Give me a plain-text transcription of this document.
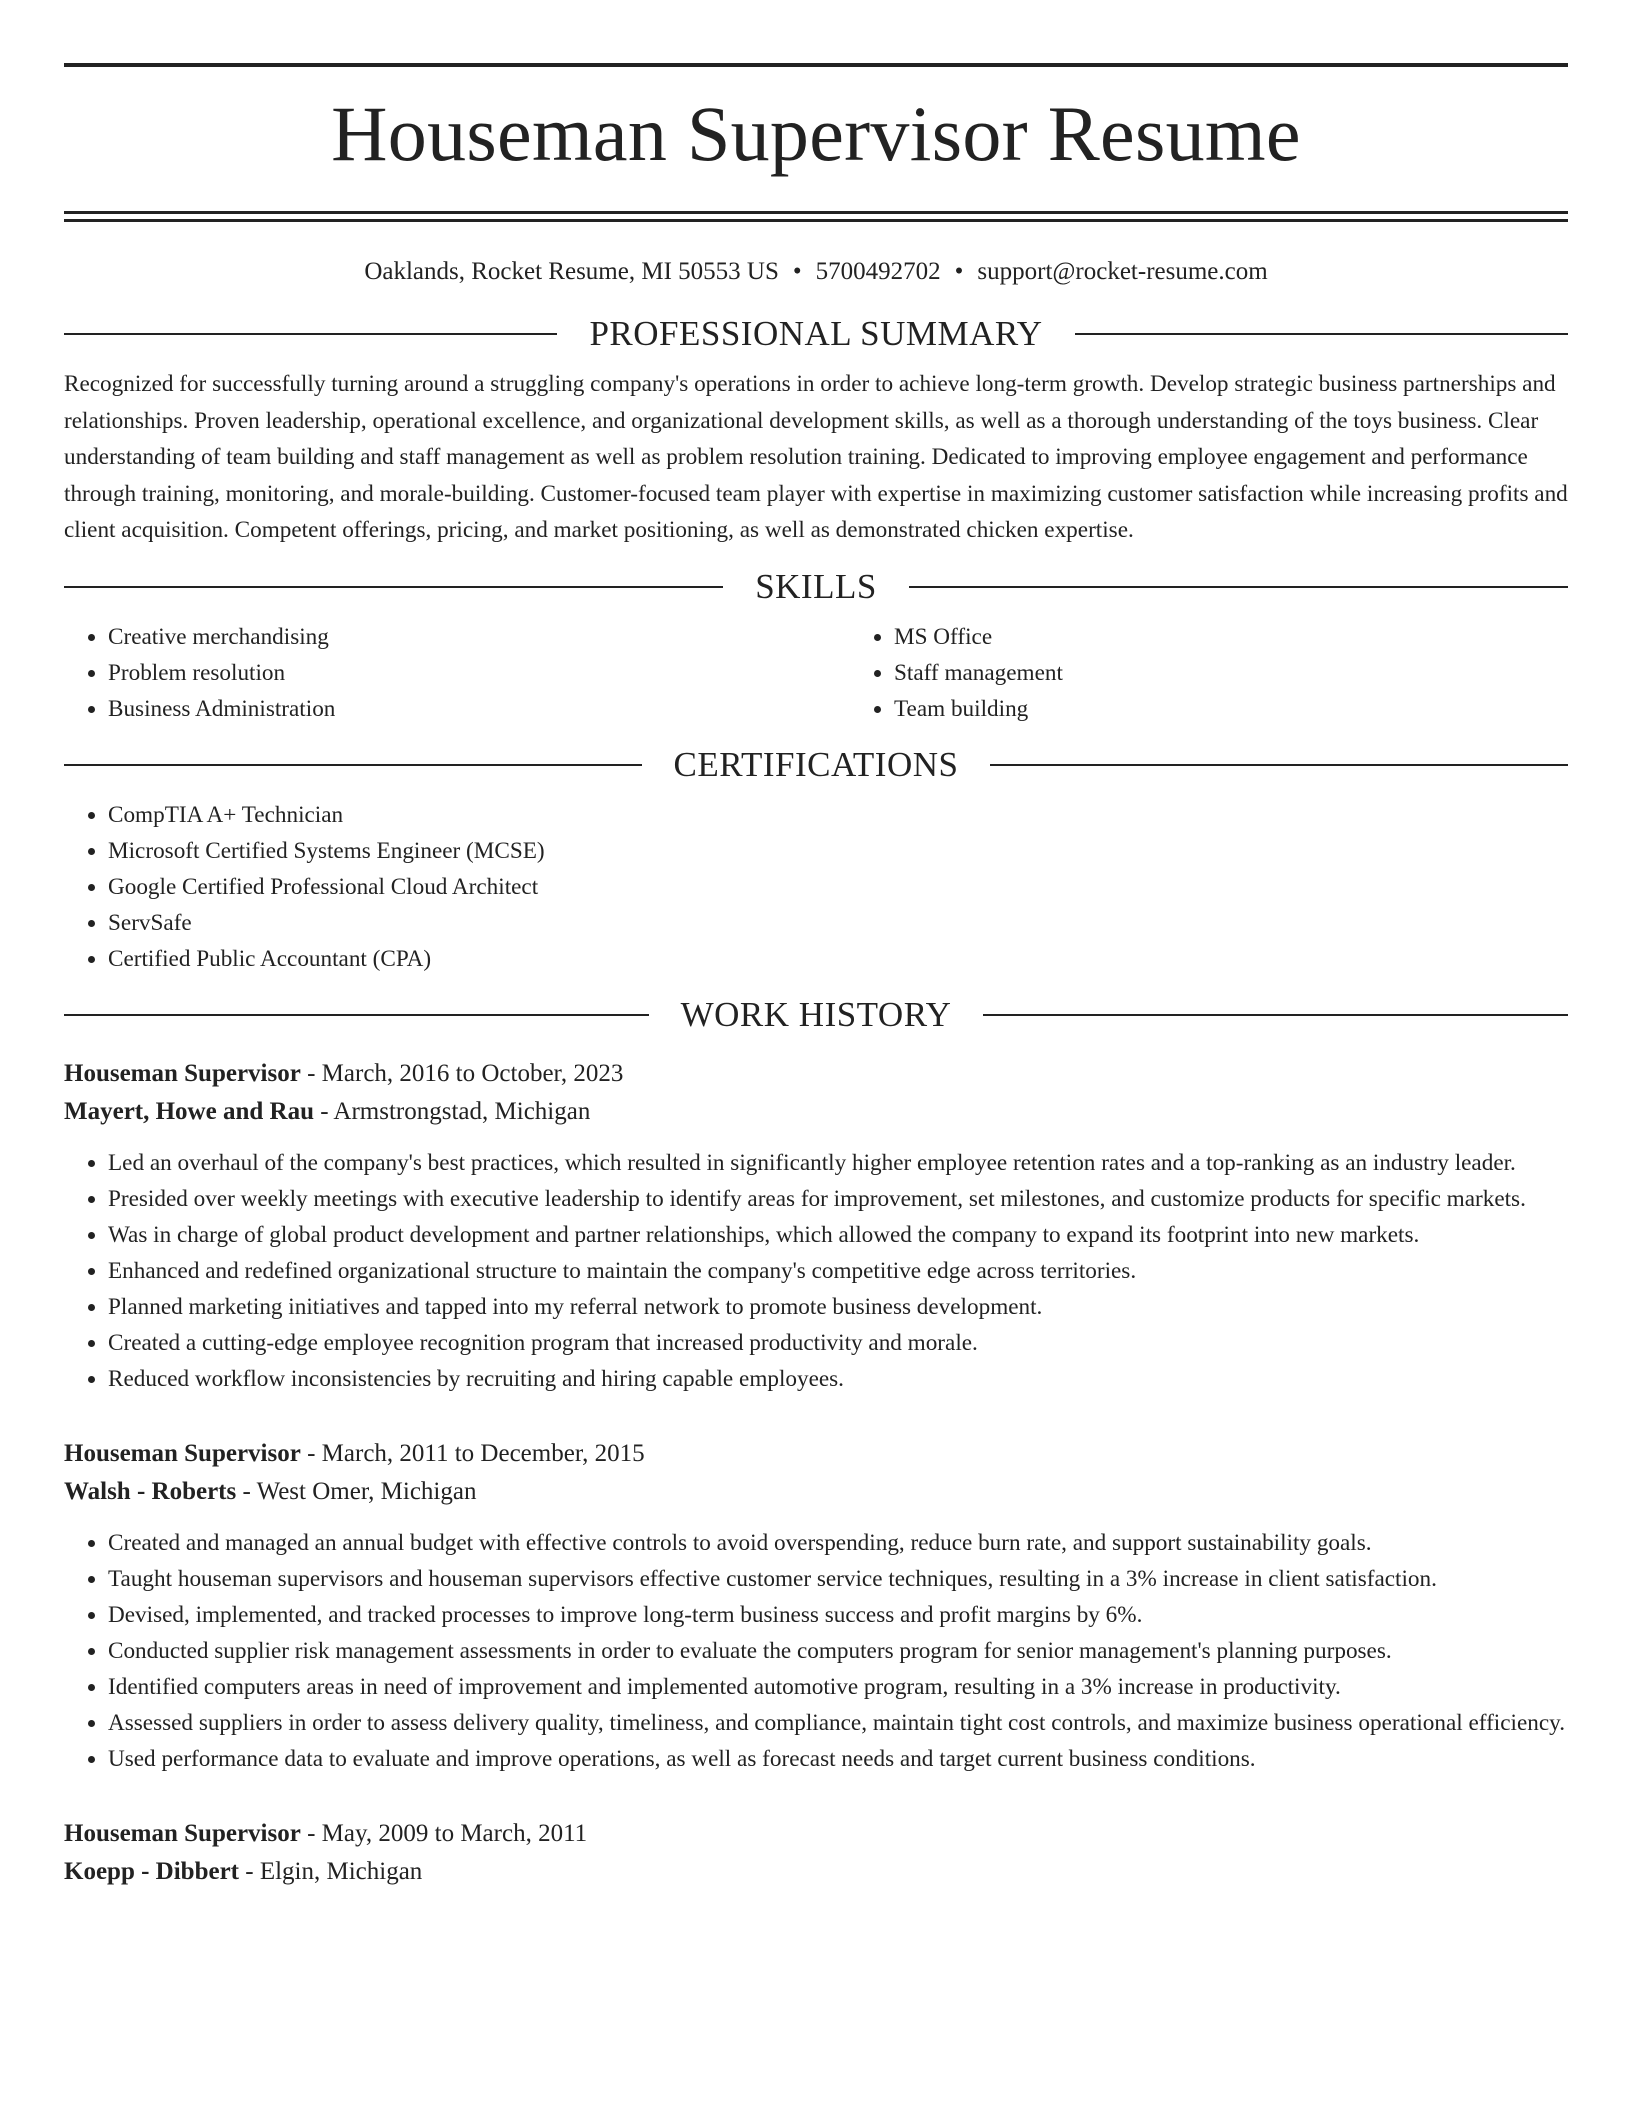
Houseman Supervisor Resume
Oaklands, Rocket Resume, MI 50553 US • 5700492702 • support@rocket-resume.com
PROFESSIONAL SUMMARY

Recognized for successfully turning around a struggling company's operations in order to achieve long-term growth. Develop strategic business partnerships and relationships. Proven leadership, operational excellence, and organizational development skills, as well as a thorough understanding of the toys business. Clear understanding of team building and staff management as well as problem resolution training. Dedicated to improving employee engagement and performance through training, monitoring, and morale-building. Customer-focused team player with expertise in maximizing customer satisfaction while increasing profits and client acquisition. Competent offerings, pricing, and market positioning, as well as demonstrated chicken expertise.

SKILLS
• Creative merchandising
• Problem resolution
• Business Administration
• MS Office
• Staff management
• Team building
CERTIFICATIONS
• CompTIA A+ Technician
• Microsoft Certified Systems Engineer (MCSE)
• Google Certified Professional Cloud Architect
• ServSafe
• Certified Public Accountant (CPA)
WORK HISTORY
Houseman Supervisor - March, 2016 to October, 2023
Mayert, Howe and Rau - Armstrongstad, Michigan
• Led an overhaul of the company's best practices, which resulted in significantly higher employee retention rates and a top-ranking as an industry leader.
• Presided over weekly meetings with executive leadership to identify areas for improvement, set milestones, and customize products for specific markets.
• Was in charge of global product development and partner relationships, which allowed the company to expand its footprint into new markets.
• Enhanced and redefined organizational structure to maintain the company's competitive edge across territories.
• Planned marketing initiatives and tapped into my referral network to promote business development.
• Created a cutting-edge employee recognition program that increased productivity and morale.
• Reduced workflow inconsistencies by recruiting and hiring capable employees.
Houseman Supervisor - March, 2011 to December, 2015
Walsh - Roberts - West Omer, Michigan
• Created and managed an annual budget with effective controls to avoid overspending, reduce burn rate, and support sustainability goals.
• Taught houseman supervisors and houseman supervisors effective customer service techniques, resulting in a 3% increase in client satisfaction.
• Devised, implemented, and tracked processes to improve long-term business success and profit margins by 6%.
• Conducted supplier risk management assessments in order to evaluate the computers program for senior management's planning purposes.
• Identified computers areas in need of improvement and implemented automotive program, resulting in a 3% increase in productivity.
• Assessed suppliers in order to assess delivery quality, timeliness, and compliance, maintain tight cost controls, and maximize business operational efficiency.
• Used performance data to evaluate and improve operations, as well as forecast needs and target current business conditions.
Houseman Supervisor - May, 2009 to March, 2011
Koepp - Dibbert - Elgin, Michigan
